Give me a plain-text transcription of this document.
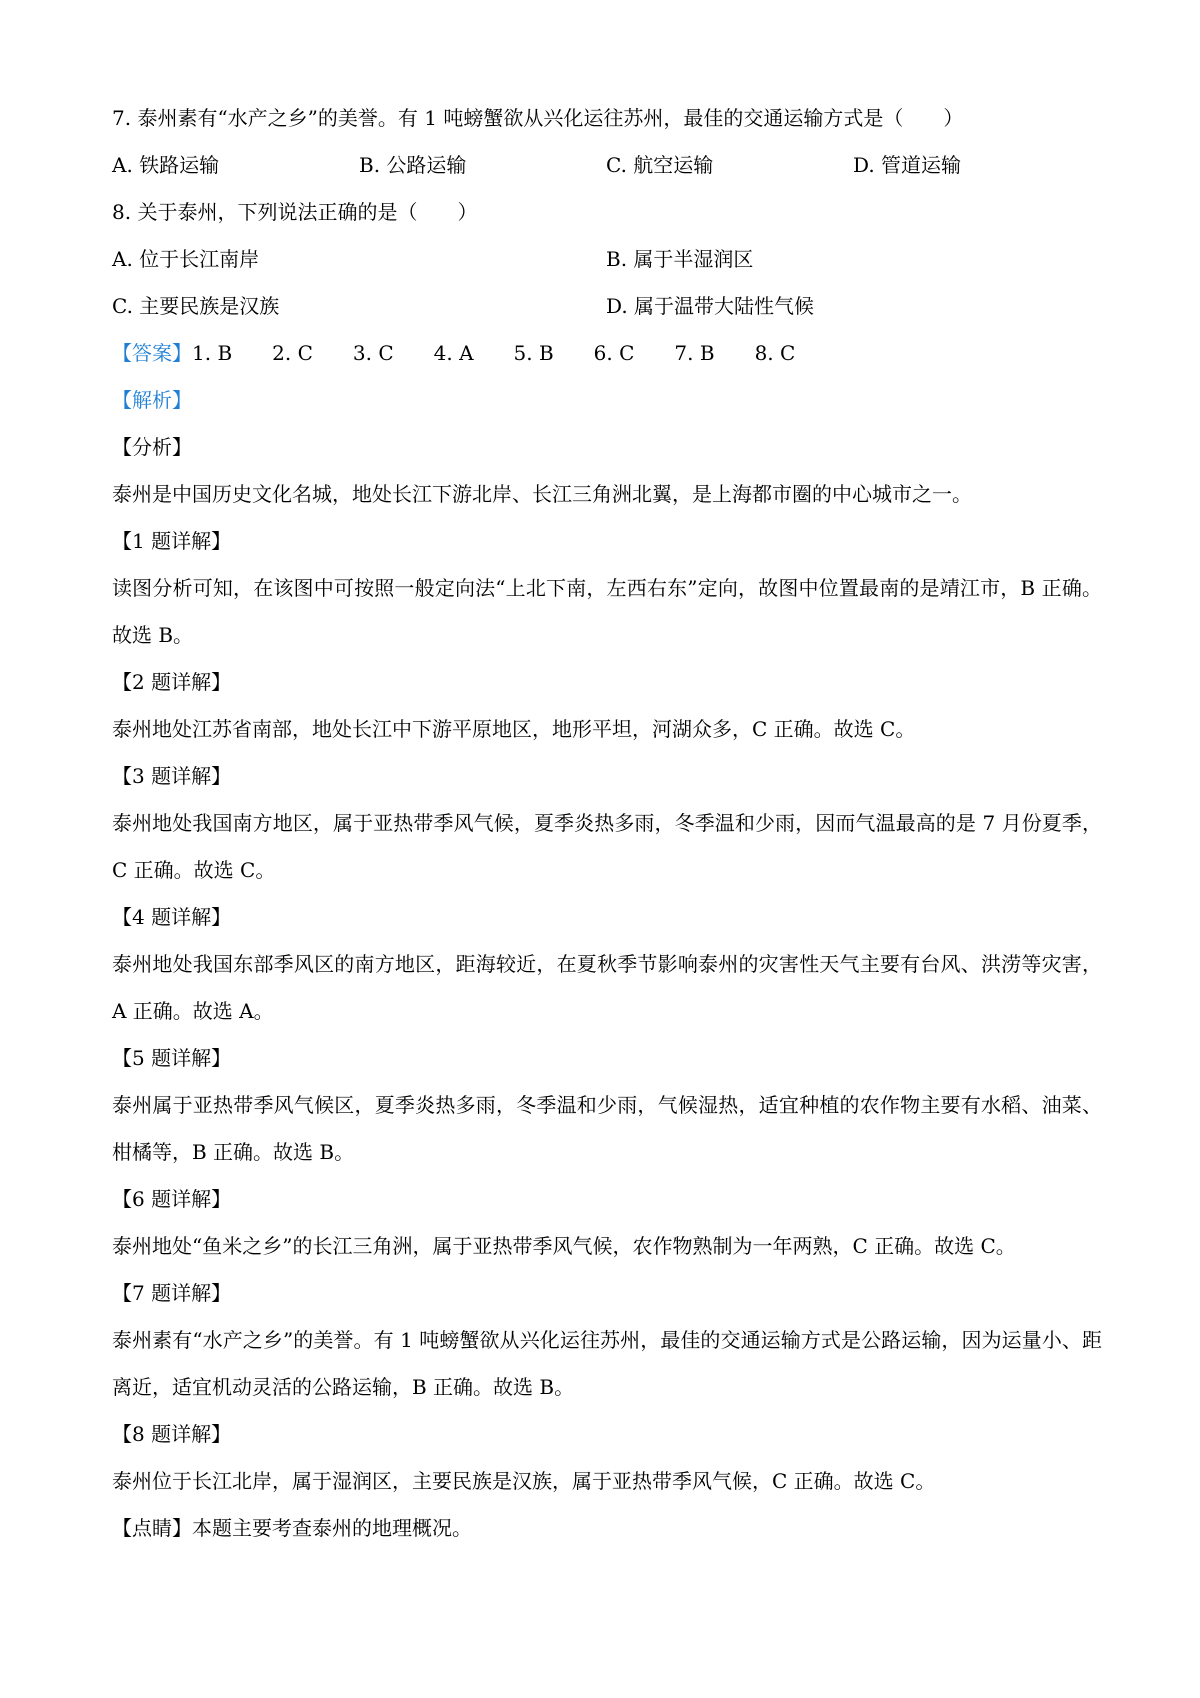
7. 泰州素有“水产之乡”的美誉。有 1 吨螃蟹欲从兴化运往苏州，最佳的交通运输方式是（　　）
A. 铁路运输	B. 公路运输	C. 航空运输	D. 管道运输
8. 关于泰州，下列说法正确的是（　　）
A. 位于长江南岸	B. 属于半湿润区
C. 主要民族是汉族	D. 属于温带大陆性气候
【答案】1. B 2. C 3. C 4. A 5. B 6. C 7. B 8. C
【解析】
【分析】
泰州是中国历史文化名城，地处长江下游北岸、长江三角洲北翼，是上海都市圈的中心城市之一。
【1 题详解】
读图分析可知，在该图中可按照一般定向法“上北下南，左西右东”定向，故图中位置最南的是靖江市，B 正确。故选 B。
【2 题详解】
泰州地处江苏省南部，地处长江中下游平原地区，地形平坦，河湖众多，C 正确。故选 C。
【3 题详解】
泰州地处我国南方地区，属于亚热带季风气候，夏季炎热多雨，冬季温和少雨，因而气温最高的是 7 月份夏季，C 正确。故选 C。
【4 题详解】
泰州地处我国东部季风区的南方地区，距海较近，在夏秋季节影响泰州的灾害性天气主要有台风、洪涝等灾害，A 正确。故选 A。
【5 题详解】
泰州属于亚热带季风气候区，夏季炎热多雨，冬季温和少雨，气候湿热，适宜种植的农作物主要有水稻、油菜、柑橘等，B 正确。故选 B。
【6 题详解】
泰州地处“鱼米之乡”的长江三角洲，属于亚热带季风气候，农作物熟制为一年两熟，C 正确。故选 C。
【7 题详解】
泰州素有“水产之乡”的美誉。有 1 吨螃蟹欲从兴化运往苏州，最佳的交通运输方式是公路运输，因为运量小、距离近，适宜机动灵活的公路运输，B 正确。故选 B。
【8 题详解】
泰州位于长江北岸，属于湿润区，主要民族是汉族，属于亚热带季风气候，C 正确。故选 C。
【点睛】本题主要考查泰州的地理概况。
